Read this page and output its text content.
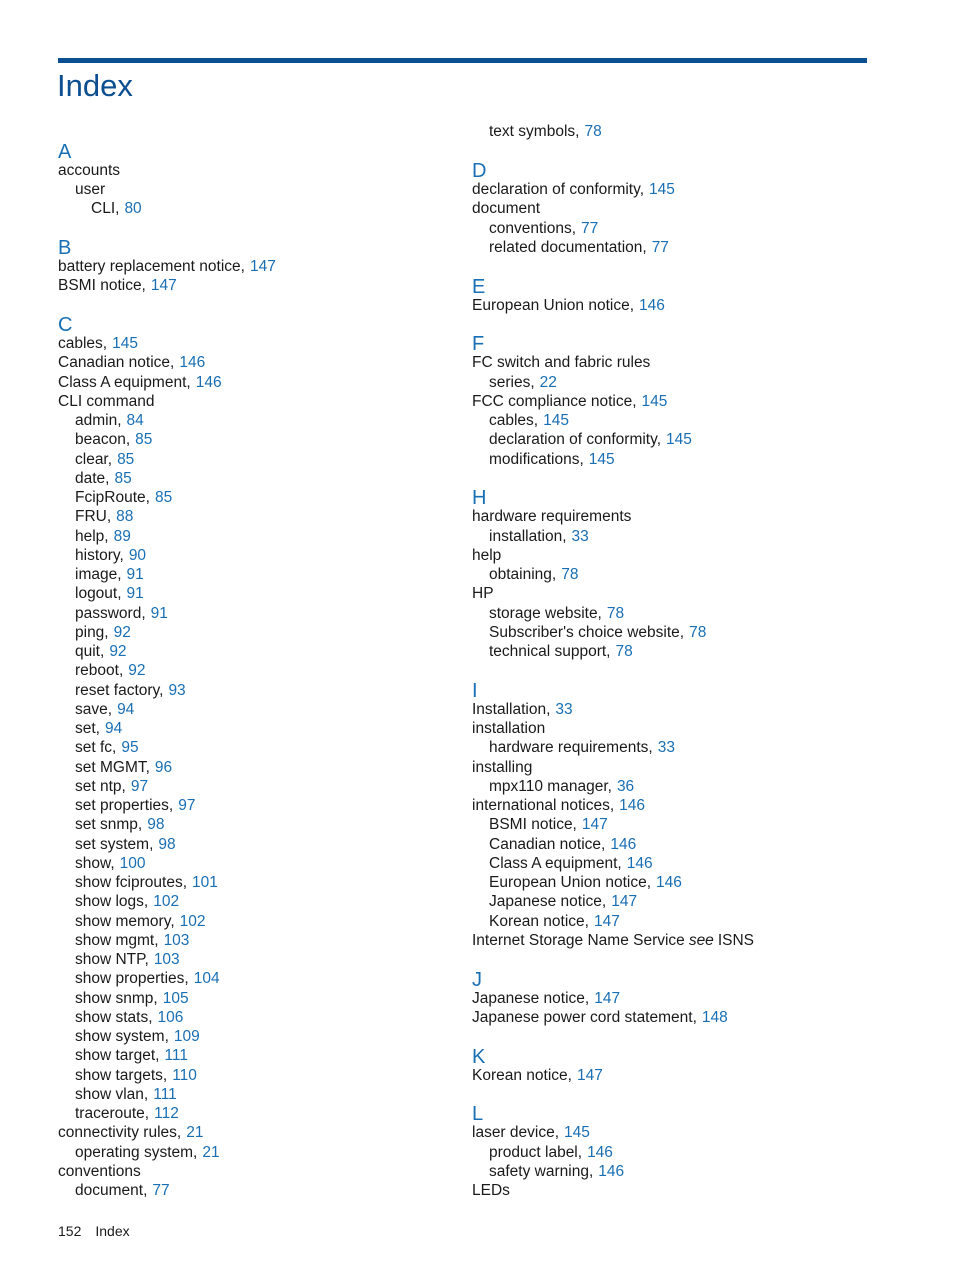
Index
A
accounts
user
CLI, 80
B
battery replacement notice, 147
BSMI notice, 147
C
cables, 145
Canadian notice, 146
Class A equipment, 146
CLI command
admin, 84
beacon, 85
clear, 85
date, 85
FcipRoute, 85
FRU, 88
help, 89
history, 90
image, 91
logout, 91
password, 91
ping, 92
quit, 92
reboot, 92
reset factory, 93
save, 94
set, 94
set fc, 95
set MGMT, 96
set ntp, 97
set properties, 97
set snmp, 98
set system, 98
show, 100
show fciproutes, 101
show logs, 102
show memory, 102
show mgmt, 103
show NTP, 103
show properties, 104
show snmp, 105
show stats, 106
show system, 109
show target, 111
show targets, 110
show vlan, 111
traceroute, 112
connectivity rules, 21
operating system, 21
conventions
document, 77
text symbols, 78
D
declaration of conformity, 145
document
conventions, 77
related documentation, 77
E
European Union notice, 146
F
FC switch and fabric rules
series, 22
FCC compliance notice, 145
cables, 145
declaration of conformity, 145
modifications, 145
H
hardware requirements
installation, 33
help
obtaining, 78
HP
storage website, 78
Subscriber's choice website, 78
technical support, 78
I
Installation, 33
installation
hardware requirements, 33
installing
mpx110 manager, 36
international notices, 146
BSMI notice, 147
Canadian notice, 146
Class A equipment, 146
European Union notice, 146
Japanese notice, 147
Korean notice, 147
Internet Storage Name Service see ISNS
J
Japanese notice, 147
Japanese power cord statement, 148
K
Korean notice, 147
L
laser device, 145
product label, 146
safety warning, 146
LEDs
152 Index
